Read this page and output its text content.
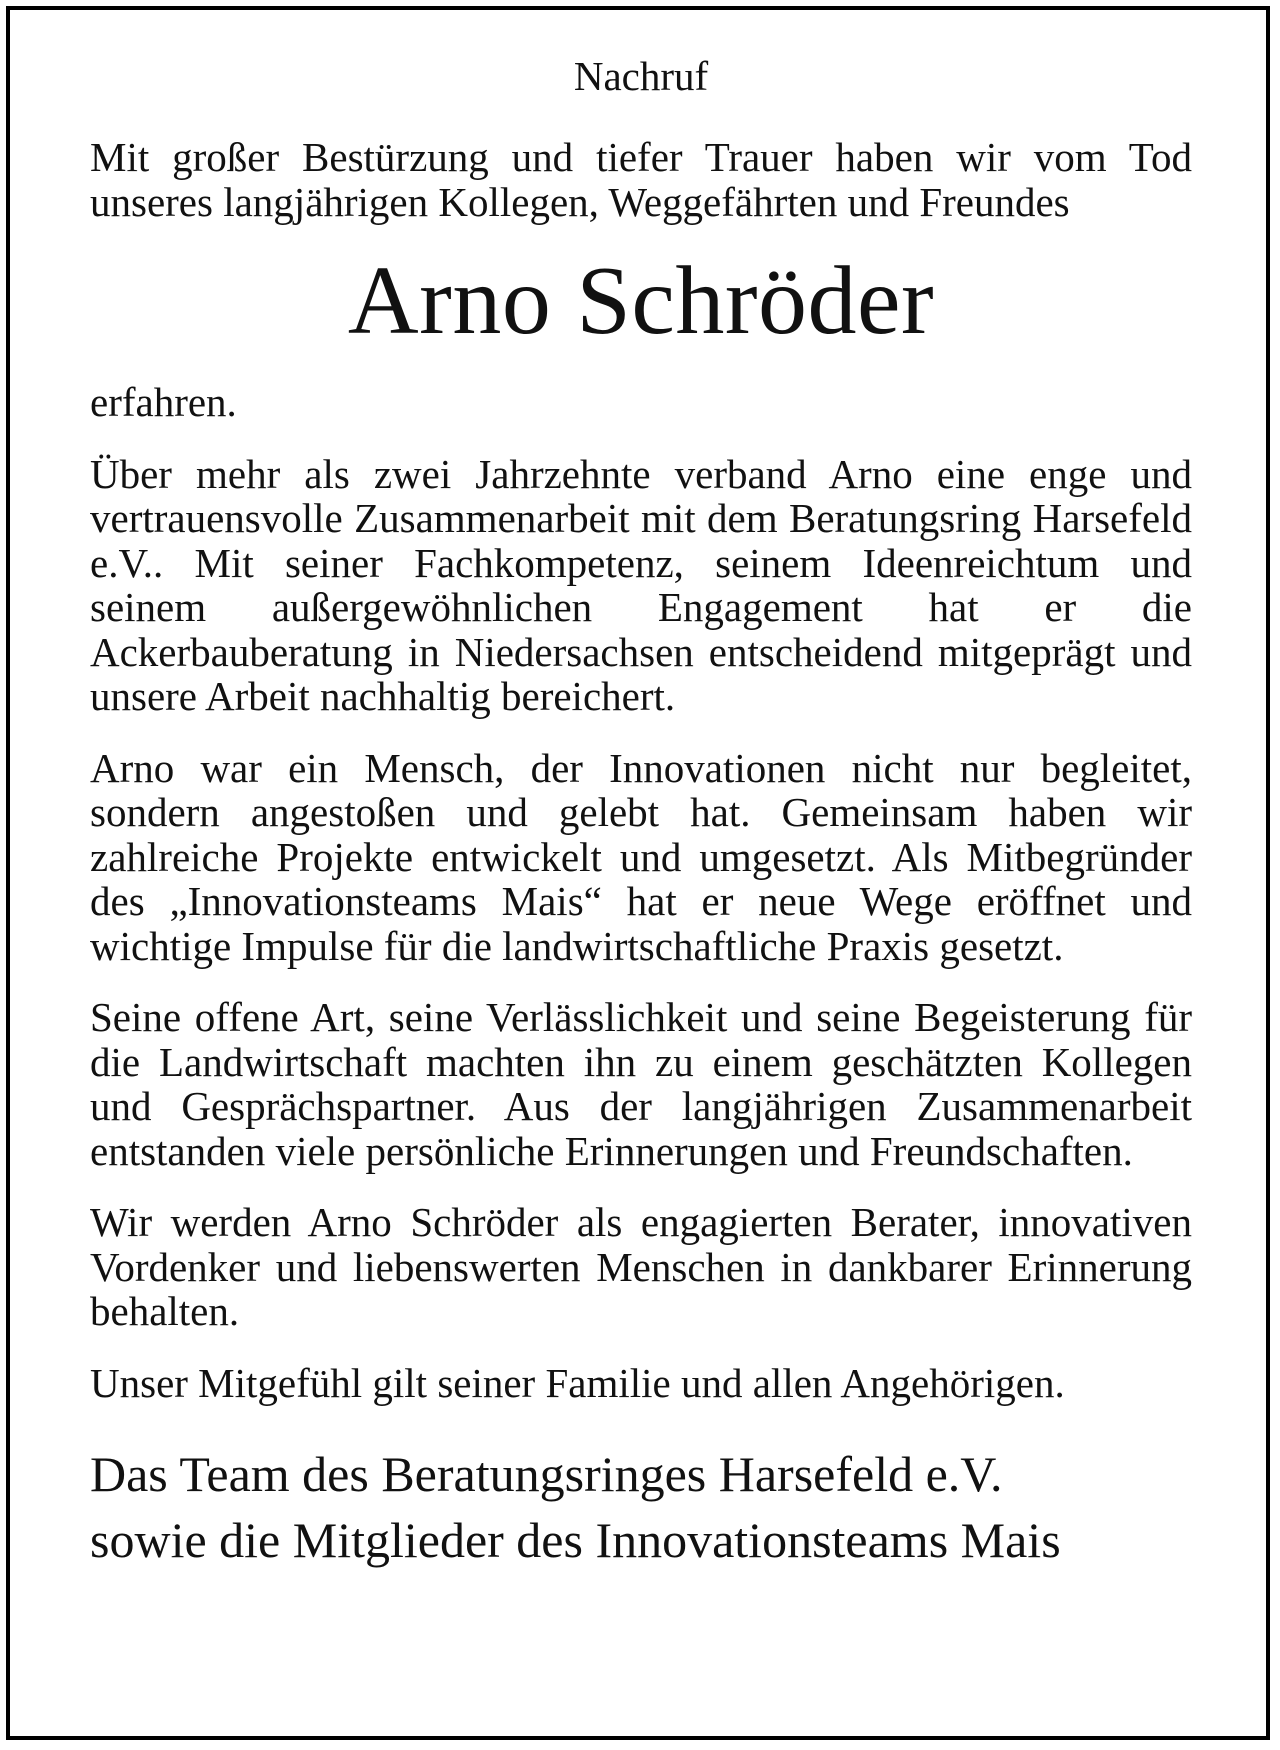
Nachruf

Mit großer Bestürzung und tiefer Trauer haben wir vom Tod unseres langjährigen Kollegen, Weggefährten und Freundes

Arno Schröder

erfahren.

Über mehr als zwei Jahrzehnte verband Arno eine enge und vertrauensvolle Zusammenarbeit mit dem Beratungsring Harsefeld e.V.. Mit seiner Fachkompetenz, seinem Ideenreichtum und seinem außergewöhnlichen Engagement hat er die Ackerbauberatung in Niedersachsen entscheidend mitgeprägt und unsere Arbeit nachhaltig bereichert.

Arno war ein Mensch, der Innovationen nicht nur begleitet, sondern angestoßen und gelebt hat. Gemeinsam haben wir zahlreiche Projekte entwickelt und umgesetzt. Als Mitbegründer des „Innovationsteams Mais“ hat er neue Wege eröffnet und wichtige Impulse für die landwirtschaftliche Praxis gesetzt.

Seine offene Art, seine Verlässlichkeit und seine Begeisterung für die Landwirtschaft machten ihn zu einem geschätzten Kollegen und Gesprächspartner. Aus der langjährigen Zusammenarbeit entstanden viele persönliche Erinnerungen und Freundschaften.

Wir werden Arno Schröder als engagierten Berater, innovativen Vordenker und liebenswerten Menschen in dankbarer Erinnerung behalten.

Unser Mitgefühl gilt seiner Familie und allen Angehörigen.

Das Team des Beratungsringes Harsefeld e.V.
sowie die Mitglieder des Innovationsteams Mais
